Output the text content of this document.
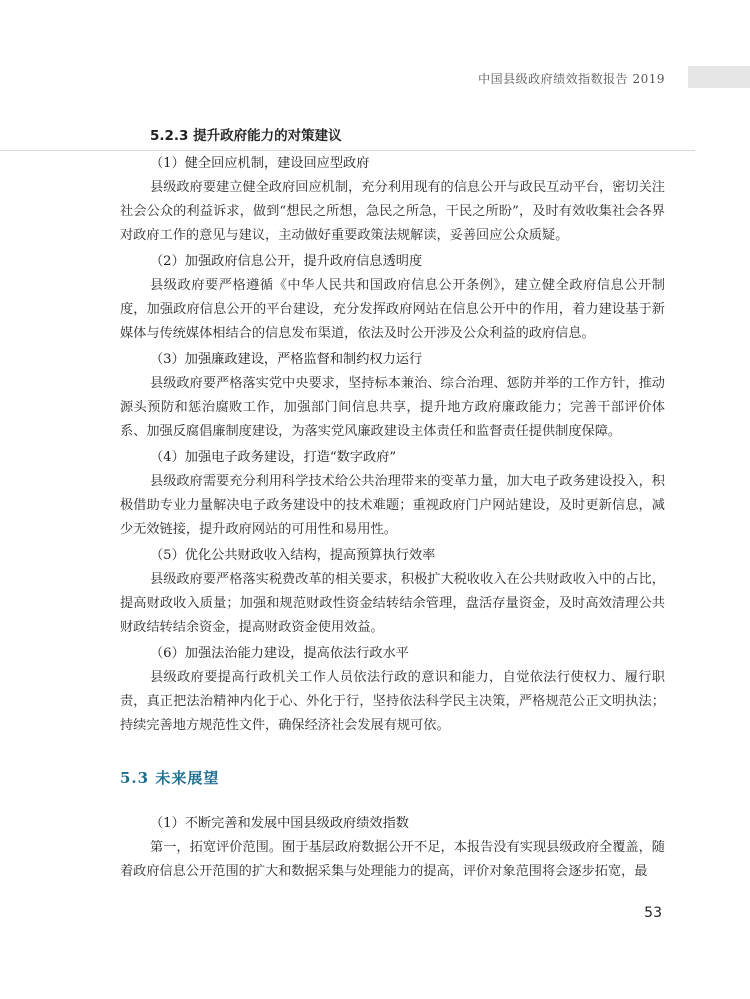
中国县级政府绩效指数报告 2019
5.2.3 提升政府能力的对策建议
（1）健全回应机制，建设回应型政府

县级政府要建立健全政府回应机制，充分利用现有的信息公开与政民互动平台，密切关注社会公众的利益诉求，做到“想民之所想，急民之所急，干民之所盼”，及时有效收集社会各界对政府工作的意见与建议，主动做好重要政策法规解读，妥善回应公众质疑。

（2）加强政府信息公开，提升政府信息透明度

县级政府要严格遵循《中华人民共和国政府信息公开条例》，建立健全政府信息公开制度，加强政府信息公开的平台建设，充分发挥政府网站在信息公开中的作用，着力建设基于新媒体与传统媒体相结合的信息发布渠道，依法及时公开涉及公众利益的政府信息。

（3）加强廉政建设，严格监督和制约权力运行

县级政府要严格落实党中央要求，坚持标本兼治、综合治理、惩防并举的工作方针，推动源头预防和惩治腐败工作，加强部门间信息共享，提升地方政府廉政能力；完善干部评价体系、加强反腐倡廉制度建设，为落实党风廉政建设主体责任和监督责任提供制度保障。

（4）加强电子政务建设，打造“数字政府”

县级政府需要充分利用科学技术给公共治理带来的变革力量，加大电子政务建设投入，积极借助专业力量解决电子政务建设中的技术难题；重视政府门户网站建设，及时更新信息，减少无效链接，提升政府网站的可用性和易用性。

（5）优化公共财政收入结构，提高预算执行效率

县级政府要严格落实税费改革的相关要求，积极扩大税收收入在公共财政收入中的占比，提高财政收入质量；加强和规范财政性资金结转结余管理，盘活存量资金，及时高效清理公共财政结转结余资金，提高财政资金使用效益。

（6）加强法治能力建设，提高依法行政水平

县级政府要提高行政机关工作人员依法行政的意识和能力，自觉依法行使权力、履行职责，真正把法治精神内化于心、外化于行，坚持依法科学民主决策，严格规范公正文明执法；持续完善地方规范性文件，确保经济社会发展有规可依。

5.3 未来展望
（1）不断完善和发展中国县级政府绩效指数

第一，拓宽评价范围。囿于基层政府数据公开不足，本报告没有实现县级政府全覆盖，随着政府信息公开范围的扩大和数据采集与处理能力的提高，评价对象范围将会逐步拓宽，最

53
